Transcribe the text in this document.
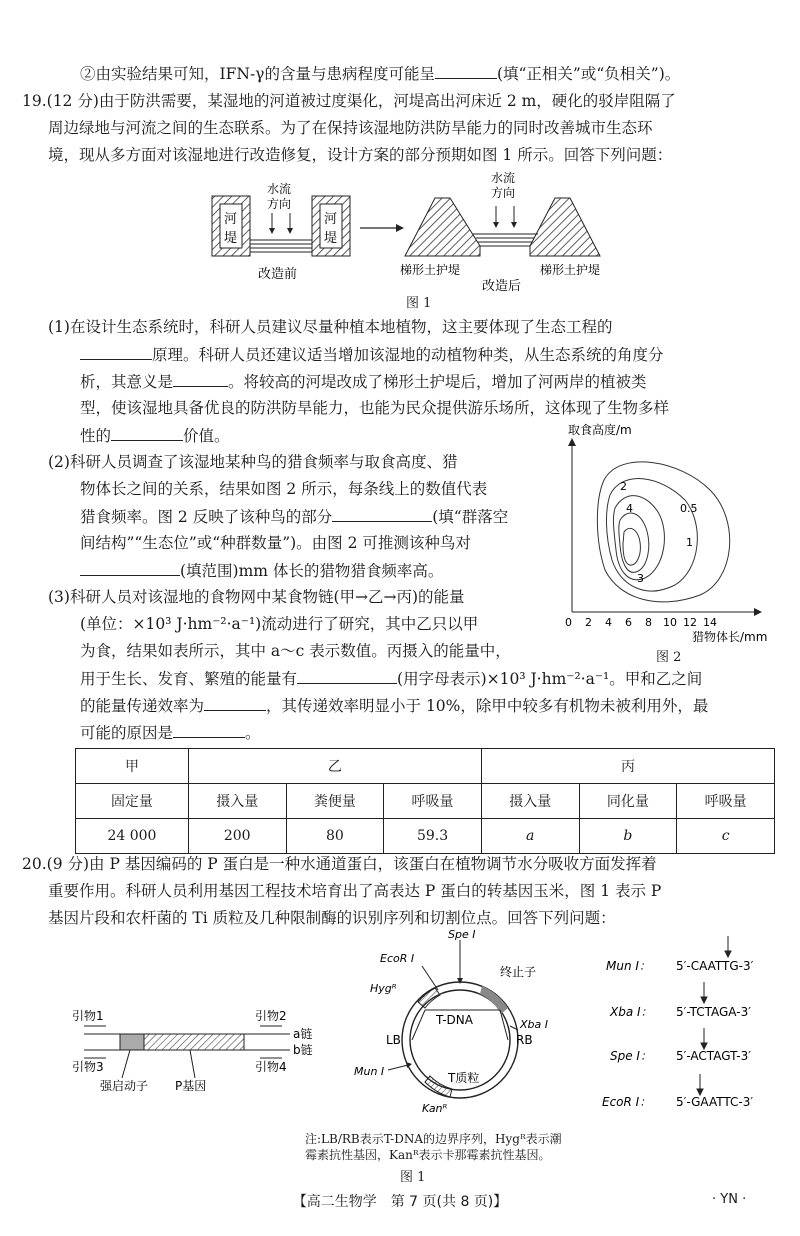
②由实验结果可知，IFN-γ的含量与患病程度可能呈	(填“正相关”或“负相关”)。
19.(12 分)由于防洪需要，某湿地的河道被过度渠化，河堤高出河床近 2 m，硬化的驳岸阻隔了
周边绿地与河流之间的生态联系。为了在保持该湿地防洪防旱能力的同时改善城市生态环
境，现从多方面对该湿地进行改造修复，设计方案的部分预期如图 1 所示。回答下列问题：
河
堤
河
堤
水流
方向
改造前
水流
方向
梯形土护堤	梯形土护堤
改造后
图 1
(1)在设计生态系统时，科研人员建议尽量种植本地植物，这主要体现了生态工程的
原理。科研人员还建议适当增加该湿地的动植物种类，从生态系统的角度分
析，其意义是	。将较高的河堤改成了梯形土护堤后，增加了河两岸的植被类
型，使该湿地具备优良的防洪防旱能力，也能为民众提供游乐场所，这体现了生物多样
性的	价值。
(2)科研人员调查了该湿地某种鸟的猎食频率与取食高度、猎
物体长之间的关系，结果如图 2 所示，每条线上的数值代表
猎食频率。图 2 反映了该种鸟的部分	(填“群落空
间结构”“生态位”或“种群数量”)。由图 2 可推测该种鸟对
(填范围)mm 体长的猎物猎食频率高。
(3)科研人员对该湿地的食物网中某食物链(甲→乙→丙)的能量
(单位：×10³ J·hm⁻²·a⁻¹)流动进行了研究，其中乙只以甲
为食，结果如表所示，其中 a～c 表示数值。丙摄入的能量中，
用于生长、发育、繁殖的能量有	(用字母表示)×10³ J·hm⁻²·a⁻¹。甲和乙之间
的能量传递效率为	，其传递效率明显小于 10%，除甲中较多有机物未被利用外，最
可能的原因是	。
取食高度/m
0 2 4 6 8 10 12 14
猎物体长/mm
0.5
1
2
3
4
图 2
甲	乙			丙		
固定量	摄入量	粪便量	呼吸量	摄入量	同化量	呼吸量
24 000	200	80	59.3	a	b	c
20.(9 分)由 P 基因编码的 P 蛋白是一种水通道蛋白，该蛋白在植物调节水分吸收方面发挥着
重要作用。科研人员利用基因工程技术培育出了高表达 P 蛋白的转基因玉米，图 1 表示 P
基因片段和农杆菌的 Ti 质粒及几种限制酶的识别序列和切割位点。回答下列问题：
引物1	引物2
引物3	引物4
a链
b链
强启动子 P基因
Spe Ⅰ
EcoR Ⅰ
Hygᴿ
Xba Ⅰ
Mun Ⅰ
Kanᴿ
终止子
T-DNA
LB	RB
T质粒
注:LB/RB表示T-DNA的边界序列，Hygᴿ表示潮
霉素抗性基因，Kanᴿ表示卡那霉素抗性基因。
图 1
Mun Ⅰ： 5′-CAATTG-3′
Xba Ⅰ： 5′-TCTAGA-3′
Spe Ⅰ： 5′-ACTAGT-3′
EcoR Ⅰ： 5′-GAATTC-3′
【高二生物学　第 7 页(共 8 页)】	· YN ·
